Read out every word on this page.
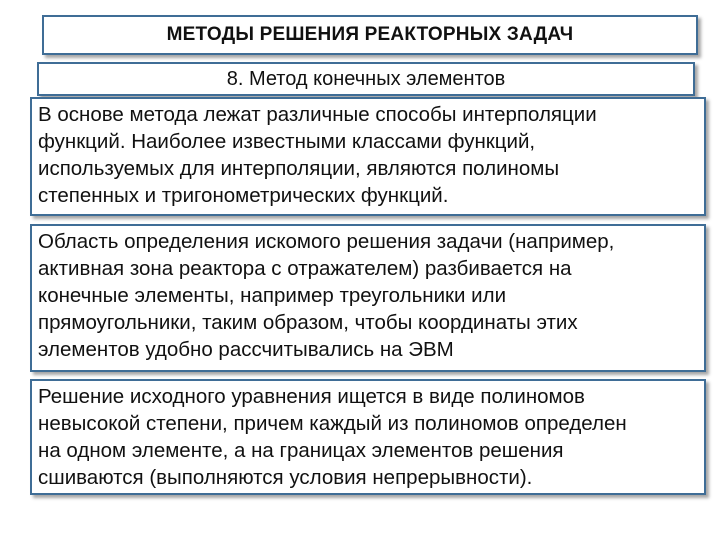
МЕТОДЫ РЕШЕНИЯ РЕАКТОРНЫХ ЗАДАЧ
8. Метод конечных элементов

В основе метода лежат различные способы интерполяции
функций. Наиболее известными классами функций,
используемых для интерполяции, являются полиномы
степенных и тригонометрических функций.

Область определения искомого решения задачи (например,
активная зона реактора с отражателем) разбивается на
конечные элементы, например треугольники или
прямоугольники, таким образом, чтобы координаты этих
элементов удобно рассчитывались на ЭВМ

Решение исходного уравнения ищется в виде полиномов
невысокой степени, причем каждый из полиномов определен
на одном элементе, а на границах элементов решения
сшиваются (выполняются условия непрерывности).
